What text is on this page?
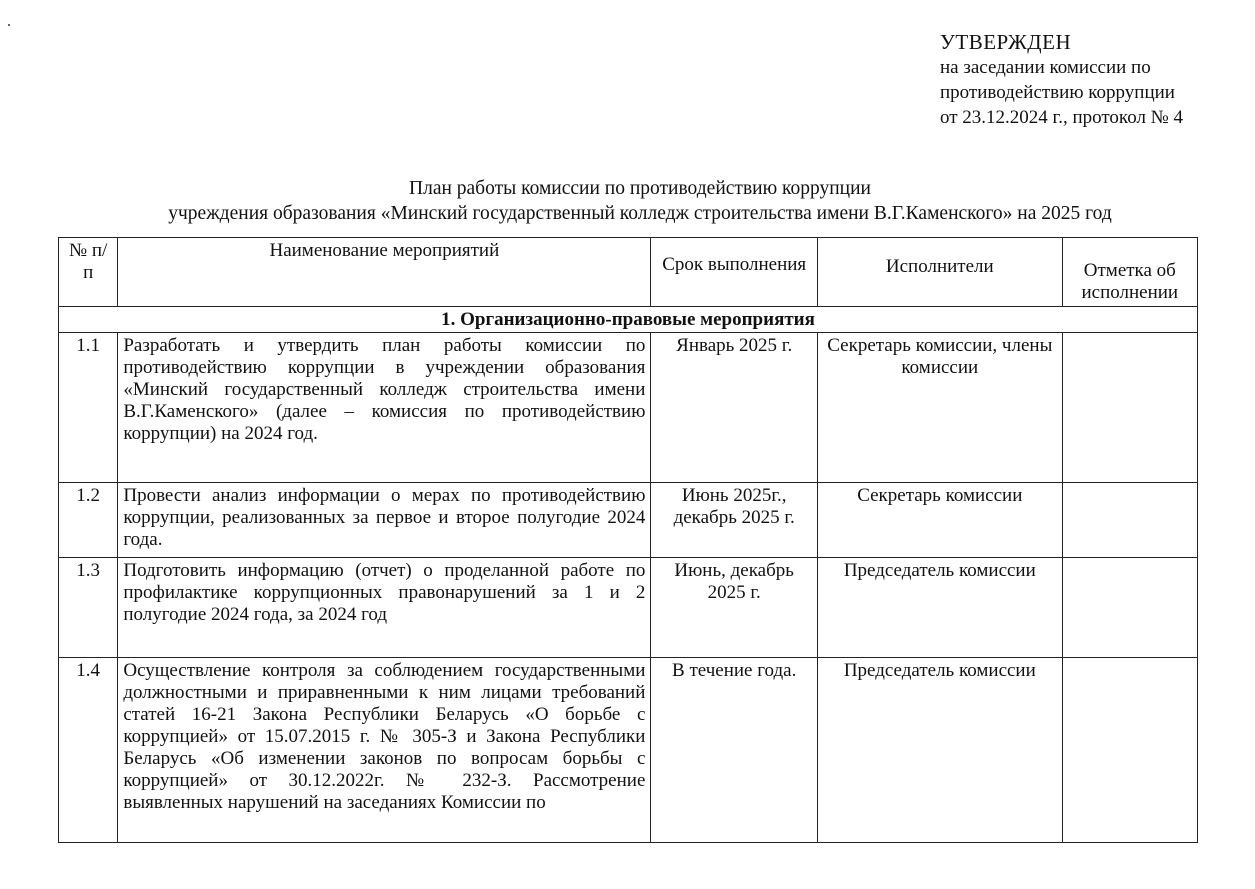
УТВЕРЖДЕН
на заседании комиссии по
противодействию коррупции
от 23.12.2024 г., протокол № 4
План работы комиссии по противодействию коррупции
учреждения образования «Минский государственный колледж строительства имени В.Г.Каменского» на 2025 год
№ п/п	Наименование мероприятий	Срок выполнения	Исполнители	Отметка об исполнении
1. Организационно-правовые мероприятия				
1.1	Разработать и утвердить план работы комиссии по противодействию коррупции в учреждении образования «Минский государственный колледж строительства имени В.Г.Каменского» (далее – комиссия по противодействию коррупции) на 2024 год.	Январь 2025 г.	Секретарь комиссии, члены комиссии	
1.2	Провести анализ информации о мерах по противодействию коррупции, реализованных за первое и второе полугодие 2024 года.	Июнь 2025г., декабрь 2025 г.	Секретарь комиссии	
1.3	Подготовить информацию (отчет) о проделанной работе по профилактике коррупционных правонарушений за 1 и 2 полугодие 2024 года, за 2024 год	Июнь, декабрь 2025 г.	Председатель комиссии	
1.4	Осуществление контроля за соблюдением государственными должностными и приравненными к ним лицами требований статей 16-21 Закона Республики Беларусь «О борьбе с коррупцией» от 15.07.2015 г. № 305-З и Закона Республики Беларусь «Об изменении законов по вопросам борьбы с коррупцией» от 30.12.2022г. № 232-З. Рассмотрение выявленных нарушений на заседаниях Комиссии по	В течение года.	Председатель комиссии	
